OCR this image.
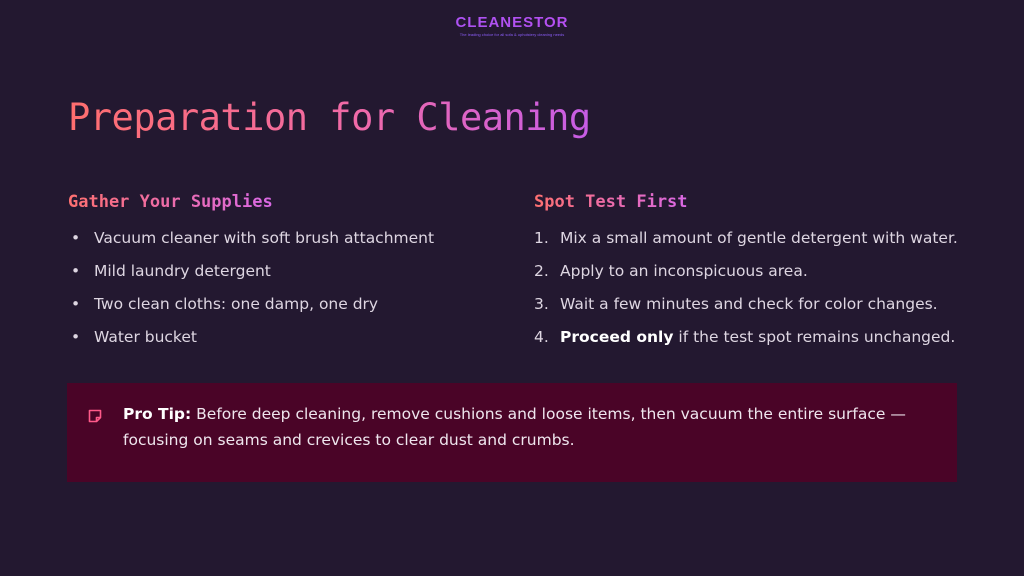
CLEANESTOR
The leading choice for all sofa & upholstery cleaning needs
Preparation for Cleaning
Gather Your Supplies
• Vacuum cleaner with soft brush attachment
• Mild laundry detergent
• Two clean cloths: one damp, one dry
• Water bucket
Spot Test First
1. Mix a small amount of gentle detergent with water.
2. Apply to an inconspicuous area.
3. Wait a few minutes and check for color changes.
4. Proceed only if the test spot remains unchanged.
Pro Tip: Before deep cleaning, remove cushions and loose items, then vacuum the entire surface — focusing on seams and crevices to clear dust and crumbs.
